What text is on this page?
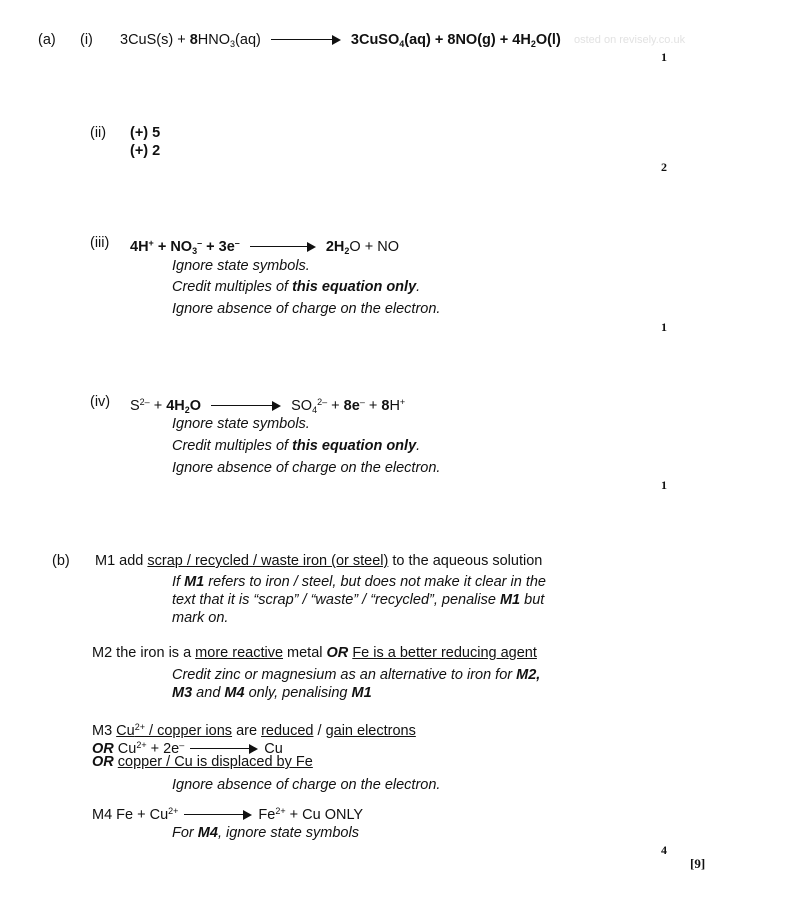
(a) (i) $3CuS(s) + 8HNO_3(aq)$	3CuSO$_4$(aq) + $8NO(g) + 4H_2O(l)$ osted on revisely.co.uk
1
(ii) (+) 5
(+) 2
2
(iii) $4H^+ + NO_3^- + 3e^-$	$2H_2O$ + NO
Ignore state symbols.
Credit multiples of this equation only.
Ignore absence of charge on the electron.
1
(iv) $S^{2-} + 4H_2O$	$SO_4^{2-} + 8e^- + 8H^+$
Ignore state symbols.
Credit multiples of this equation only.
Ignore absence of charge on the electron.
1
(b) M1 add scrap / recycled / waste iron (or steel) to the aqueous solution
If M1 refers to iron / steel, but does not make it clear in the
text that it is “scrap” / “waste” / “recycled”, penalise M1 but
mark on.
M2 the iron is a more reactive metal OR Fe is a better reducing agent
Credit zinc or magnesium as an alternative to iron for M2,
M3 and M4 only, penalising M1
M3 $Cu^{2+}$ / copper ions are reduced / gain electrons
OR $Cu^{2+} + 2e^-$	Cu
OR copper / Cu is displaced by Fe
Ignore absence of charge on the electron.
M4 $Fe + Cu^{2+}$	$Fe^{2+} + Cu$ ONLY
For M4, ignore state symbols
4
[9]
